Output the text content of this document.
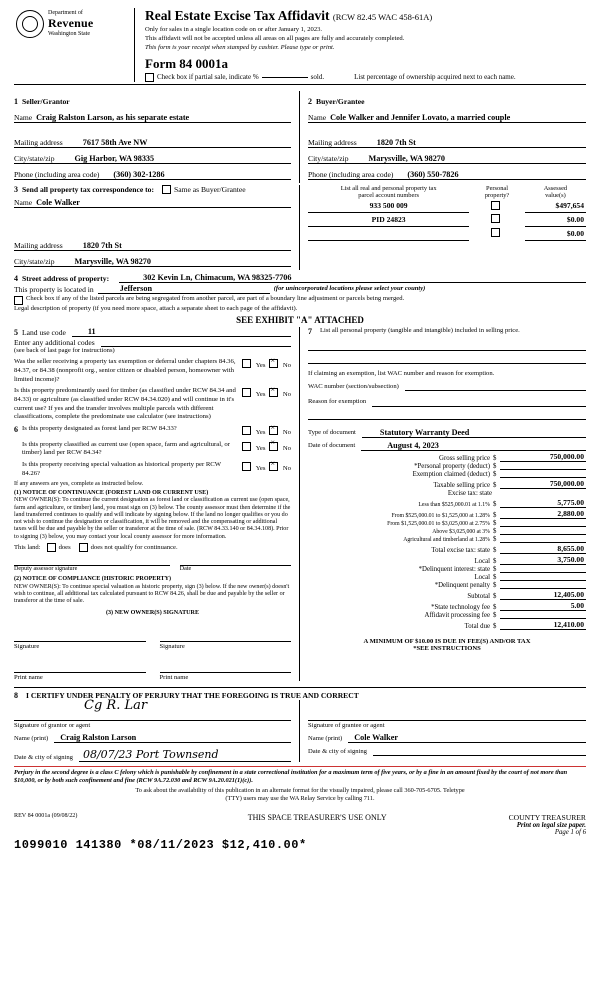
Department of
Revenue
Washington State
Real Estate Excise Tax Affidavit (RCW 82.45 WAC 458-61A)
Only for sales in a single location code on or after January 1, 2023.
This affidavit will not be accepted unless all areas on all pages are fully and accurately completed.
This form is your receipt when stamped by cashier. Please type or print.
Form 84 0001a
Check box if partial sale, indicate %	sold.	List percentage of ownership acquired next to each name.
1 Seller/Grantor
Name Craig Ralston Larson, as his separate estate
Mailing address	7617 58th Ave NW
City/state/zip	Gig Harbor, WA 98335
Phone (including area code)	(360) 302-1286
2 Buyer/Grantee
Name Cole Walker and Jennifer Lovato, a married couple
Mailing address	1820 7th St
City/state/zip	Marysville, WA 98270
Phone (including area code)	(360) 550-7826
3 Send all property tax correspondence to:	Same as Buyer/Grantee
Name Cole Walker
Mailing address	1820 7th St
City/state/zip	Marysville, WA 98270
List all real and personal property tax
parcel account numbers	Personal
property?	Assessed
value(s)
933 500 009		$497,654
PID 24823		$0.00
		$0.00
4 Street address of property:	302 Kevin Ln, Chimacum, WA 98325-7706
This property is located in	Jefferson	(for unincorporated locations please select your county)
Check box if any of the listed parcels are being segregated from another parcel, are part of a boundary line adjustment or parcels being merged.
Legal description of property (if you need more space, attach a separate sheet to each page of the affidavit).
SEE EXHIBIT "A" ATTACHED
5 Land use code	11
Enter any additional codes
(see back of last page for instructions)
Was the seller receiving a property tax exemption or deferral under chapters 84.36, 84.37, or 84.38 (nonprofit org., senior citizen or disabled person, homeowner with limited income)?
Yes × No
Is this property predominantly used for timber (as classified under RCW 84.34 and 84.33) or agriculture (as classified under RCW 84.34.020) and will continue in it's current use? If yes and the transfer involves multiple parcels with different classifications, complete the predominate use calculator (see instructions)
Yes × No
6 Is this property designated as forest land per RCW 84.33?
Yes × No
Is this property classified as current use (open space, farm and agricultural, or timber) land per RCW 84.34?
Yes × No
Is this property receiving special valuation as historical property per RCW 84.26?
Yes × No
If any answers are yes, complete as instructed below.
(1) NOTICE OF CONTINUANCE (FOREST LAND OR CURRENT USE)
NEW OWNER(S): To continue the current designation as forest land or classification as current use (open space, farm and agriculture, or timber) land, you must sign on (3) below. The county assessor must then determine if the land transferred continues to qualify and will indicate by signing below. If the land no longer qualifies or you do not wish to continue the designation or classification, it will be removed and the compensating or additional taxes will be due and payable by the seller or transferor at the time of sale. (RCW 84.33.140 or 84.34.108). Prior to signing (3) below, you may contact your local county assessor for more information.
This land:	does	does not qualify for continuance.
Deputy assessor signature	Date
(2) NOTICE OF COMPLIANCE (HISTORIC PROPERTY)
NEW OWNER(S): To continue special valuation as historic property, sign (3) below. If the new owner(s) doesn't wish to continue, all additional tax calculated pursuant to RCW 84.26, shall be due and payable by the seller or transferor at the time of sale.
(3) NEW OWNER(S) SIGNATURE
Signature	Signature
Print name	Print name
7 List all personal property (tangible and intangible) included in selling price.
If claiming an exemption, list WAC number and reason for exemption.
WAC number (section/subsection)
Reason for exemption
Type of document	Statutory Warranty Deed
Date of document	August 4, 2023
Gross selling price $	750,000.00
*Personal property (deduct) $
Exemption claimed (deduct) $
Taxable selling price $	750,000.00
Excise tax: state
Less than $525,000.01 at 1.1% $	5,775.00
From $525,000.01 to $1,525,000 at 1.28% $	2,880.00
From $1,525,000.01 to $3,025,000 at 2.75% $
Above $3,025,000 at 3% $
Agricultural and timberland at 1.28% $
Total excise tax: state $	8,655.00
Local $	3,750.00
*Delinquent interest: state $
Local $
*Delinquent penalty $
Subtotal $	12,405.00
*State technology fee $	5.00
Affidavit processing fee $
Total due $	12,410.00
A MINIMUM OF $10.00 IS DUE IN FEE(S) AND/OR TAX
*SEE INSTRUCTIONS
8 I CERTIFY UNDER PENALTY OF PERJURY THAT THE FOREGOING IS TRUE AND CORRECT
Cg R. Lar
Signature of grantor or agent
Name (print)	Craig Ralston Larson
Date & city of signing 08/07/23 Port Townsend
Signature of grantee or agent
Name (print)	Cole Walker
Date & city of signing
Perjury in the second degree is a class C felony which is punishable by confinement in a state correctional institution for a maximum term of five years, or by a fine in an amount fixed by the court of not more than $10,000, or by both such confinement and fine (RCW 9A.72.030 and RCW 9A.20.021(1)(c)).
To ask about the availability of this publication in an alternate format for the visually impaired, please call 360-705-6705. Teletype
(TTY) users may use the WA Relay Service by calling 711.
REV 84 0001a (09/08/22)	THIS SPACE TREASURER'S USE ONLY	COUNTY TREASURER
Print on legal size paper.
Page 1 of 6
1099010 141380 *08/11/2023 $12,410.00*
